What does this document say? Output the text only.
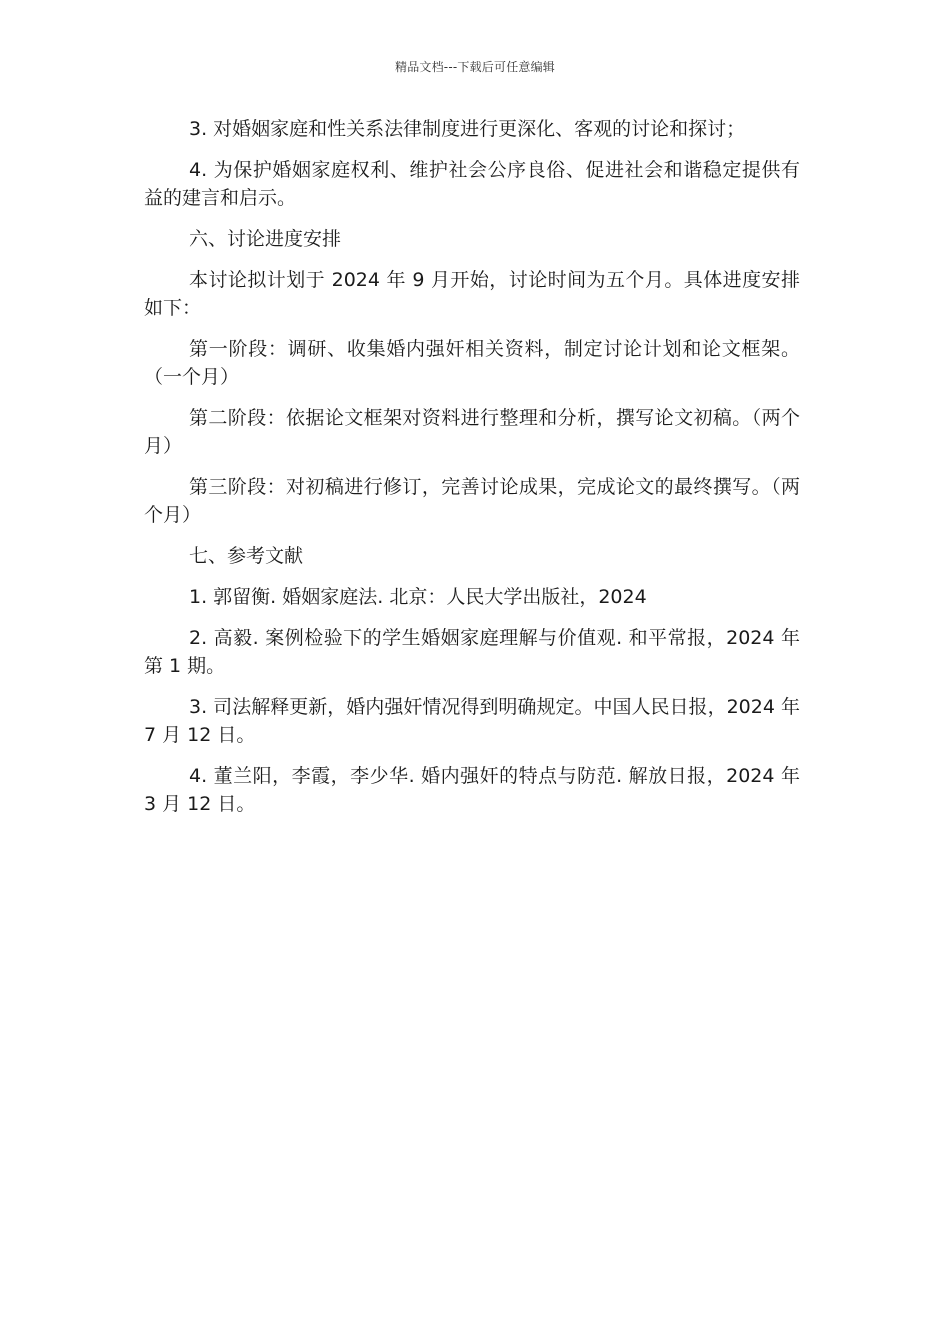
精品文档---下载后可任意编辑

3. 对婚姻家庭和性关系法律制度进行更深化、客观的讨论和探讨；

4. 为保护婚姻家庭权利、维护社会公序良俗、促进社会和谐稳定提供有益的建言和启示。

六、讨论进度安排

本讨论拟计划于 2024 年 9 月开始，讨论时间为五个月。具体进度安排如下：

第一阶段：调研、收集婚内强奸相关资料，制定讨论计划和论文框架。（一个月）

第二阶段：依据论文框架对资料进行整理和分析，撰写论文初稿。（两个月）

第三阶段：对初稿进行修订，完善讨论成果，完成论文的最终撰写。（两个月）

七、参考文献

1. 郭留衡. 婚姻家庭法. 北京：人民大学出版社，2024

2. 高毅. 案例检验下的学生婚姻家庭理解与价值观. 和平常报，2024 年第 1 期。

3. 司法解释更新，婚内强奸情况得到明确规定。中国人民日报，2024 年 7 月 12 日。

4. 董兰阳，李霞，李少华. 婚内强奸的特点与防范. 解放日报，2024 年 3 月 12 日。
